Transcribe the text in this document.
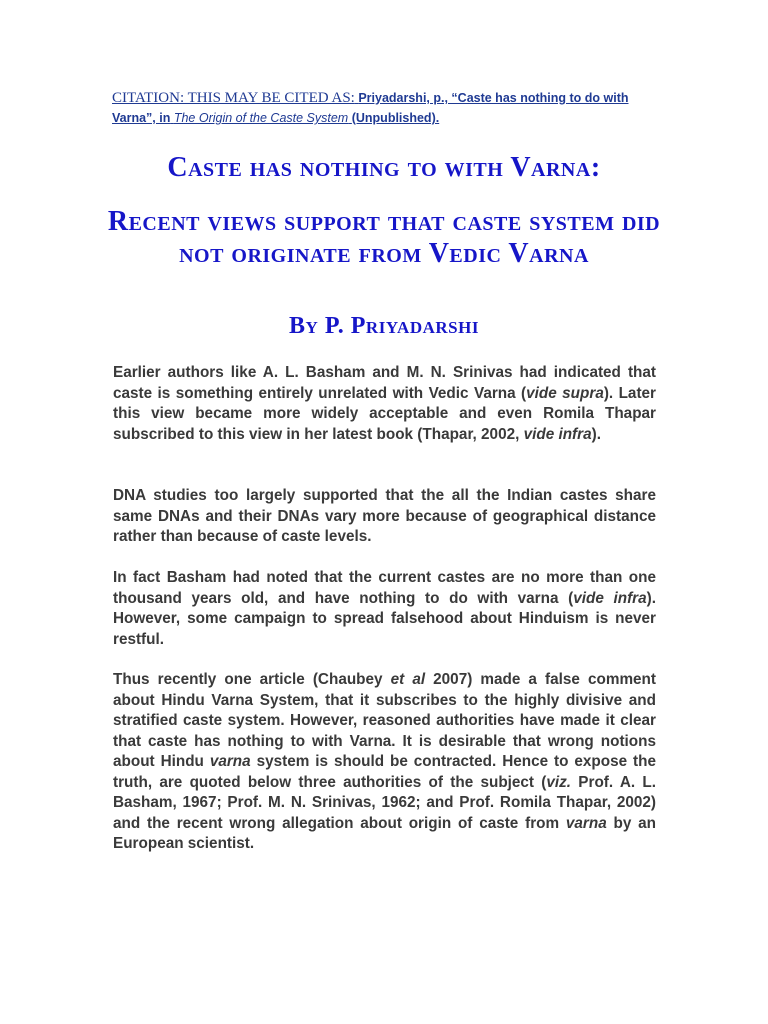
CITATION: THIS MAY BE CITED AS: Priyadarshi, p., “Caste has nothing to do with Varna”, in The Origin of the Caste System (Unpublished).
Caste has nothing to with Varna:
Recent views support that caste system did not originate from Vedic Varna
By P. Priyadarshi

Earlier authors like A. L. Basham and M. N. Srinivas had indicated that caste is something entirely unrelated with Vedic Varna (vide supra). Later this view became more widely acceptable and even Romila Thapar subscribed to this view in her latest book (Thapar, 2002, vide infra).

DNA studies too largely supported that the all the Indian castes share same DNAs and their DNAs vary more because of geographical distance rather than because of caste levels.

In fact Basham had noted that the current castes are no more than one thousand years old, and have nothing to do with varna (vide infra). However, some campaign to spread falsehood about Hinduism is never restful.

Thus recently one article (Chaubey et al 2007) made a false comment about Hindu Varna System, that it subscribes to the highly divisive and stratified caste system. However, reasoned authorities have made it clear that caste has nothing to with Varna. It is desirable that wrong notions about Hindu varna system is should be contracted. Hence to expose the truth, are quoted below three authorities of the subject (viz. Prof. A. L. Basham, 1967; Prof. M. N. Srinivas, 1962; and Prof. Romila Thapar, 2002) and the recent wrong allegation about origin of caste from varna by an European scientist.
